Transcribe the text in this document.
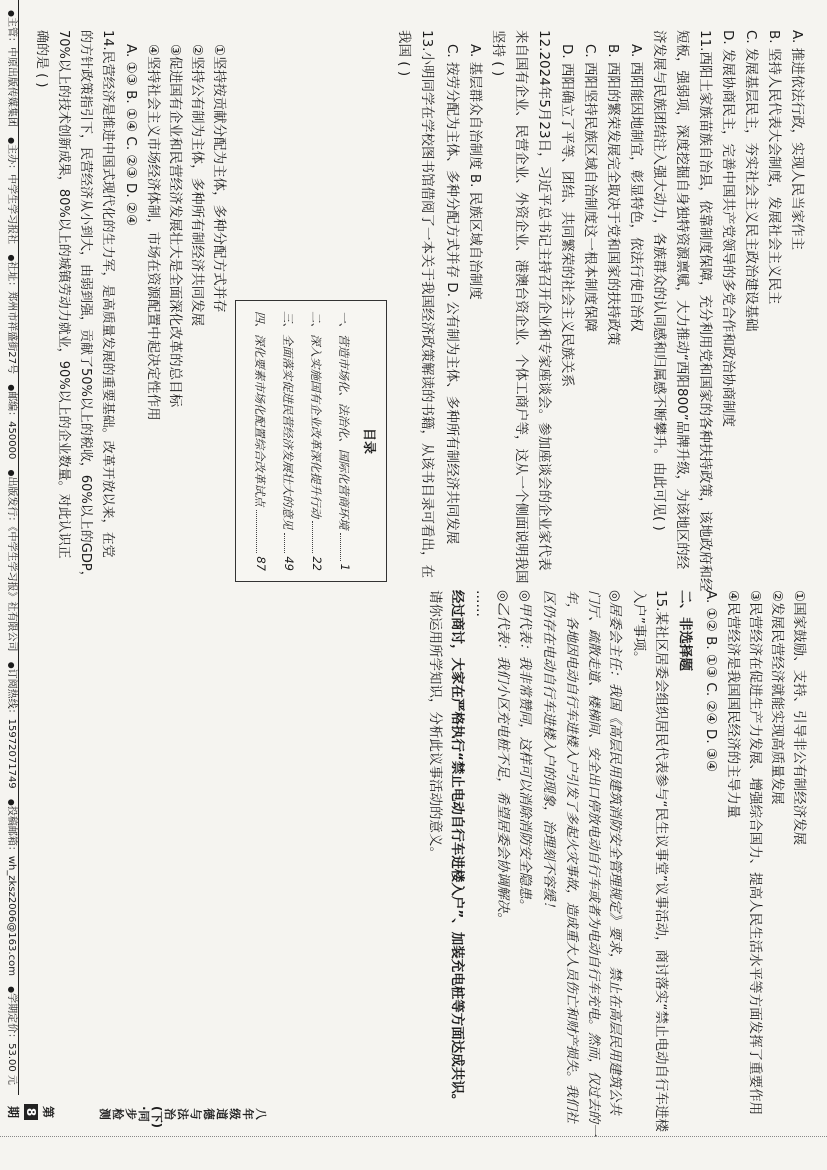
A. 推进依法行政，实现人民当家作主
B. 坚持人民代表大会制度，发展社会主义民主
C. 发展基层民主，夯实社会主义民主政治建设基础
D. 发展协商民主，完善中国共产党领导的多党合作和政治协商制度
11.西阳土家族苗族自治县，依靠制度保障，充分利用党和国家的各种扶持政策，该地政府和经
短板，强弱项，深度挖掘自身独特资源禀赋，大力推动“西阳800”品牌升级，为该地区的经
济发展与民族团结注入强大动力，各族群众的认同感和归属感不断攀升。由此可见( )
A. 西阳能因地制宜，彰显特色，依法行使自治权
B. 西阳的繁荣发展完全取决于党和国家的扶持政策
C. 西阳坚持民族区域自治制度这一根本制度保障
D. 西阳确立了平等、团结、共同繁荣的社会主义民族关系
12.2024年5月23日，习近平总书记主持召开企业和专家座谈会。参加座谈会的企业家代表
来自国有企业、民营企业、外资企业、港澳台资企业、个体工商户等，这从一个侧面说明我国
坚持 ( )
A. 基层群众自治制度 B. 民族区域自治制度
C. 按劳分配为主体、多种分配方式并存 D. 公有制为主体、多种所有制经济共同发展
13.小明同学在学校图书馆借阅了一本关于我国经济政策解读的书籍，从该书目录可看出，在
我国 ( )
目录
一、营造市场化、法治化、国际化营商环境
1
二、深入实施国有企业改革深化提升行动
22
三、全面落实促进民营经济发展壮大的意见
49
四、深化要素市场化配置综合改革试点
87
①坚持按贡献分配为主体，多种分配方式并存
②坚持公有制为主体，多种所有制经济共同发展
③促进国有企业和民营经济发展壮大是全面深化改革的总目标
④坚持社会主义市场经济体制，市场在资源配置中起决定性作用
A. ①③ B. ①④ C. ②③ D. ②④
14.民营经济是推进中国式现代化的生力军，是高质量发展的重要基础。改革开放以来，在党
的方针政策指引下，民营经济从小到大，由弱到强，贡献了50%以上的税收，60%以上的GDP，
70%以上的技术创新成果，80%以上的城镇劳动力就业，90%以上的企业数量。对此认识正
确的是 ( )
①国家鼓励、支持、引导非公有制经济发展
②发展民营经济就能实现高质量发展
③民营经济在促进生产力发展、增强综合国力、提高人民生活水平等方面发挥了重要作用
④民营经济是我国国民经济的主导力量
A. ①② B. ①③ C. ②④ D. ③④
二、非选择题
15.某社区居委会组织居民代表参与“民生议事堂”议事活动，商讨落实“禁止电动自行车进楼
入户”事项。
◎居委会主任：我国《高层民用建筑消防安全管理规定》要求，禁止在高层民用建筑公共
门厅、疏散走道、楼梯间、安全出口停放电动自行车或者为电动自行车充电。然而，仅过去的一
年，各地因电动自行车进楼入户引发了多起火灾事故，造成重大人员伤亡和财产损失。我们社
区仍存在电动自行车进楼入户的现象，治理刻不容缓！
◎甲代表：我非常赞同，这样可以消除消防安全隐患。
◎乙代表：我们小区充电桩不足，希望居委会协调解决。
……
经过商讨，大家在严格执行“禁止电动自行车进楼入户”、加装充电桩等方面达成共识。
请你运用所学知识，分析此议事活动的意义。
八年级道德与法治(下)·同步检测
第
8
期
●主管：中原出版传媒集团
●主办：中学生学习报社
●社址：郑州市祥盛街27号
●邮编：450000
●出版发行：《中学生学习报》社有限公司
●订阅热线：15972071749
●投稿邮箱：wh_zksz2006@163.com
●学期定价：53.00 元
